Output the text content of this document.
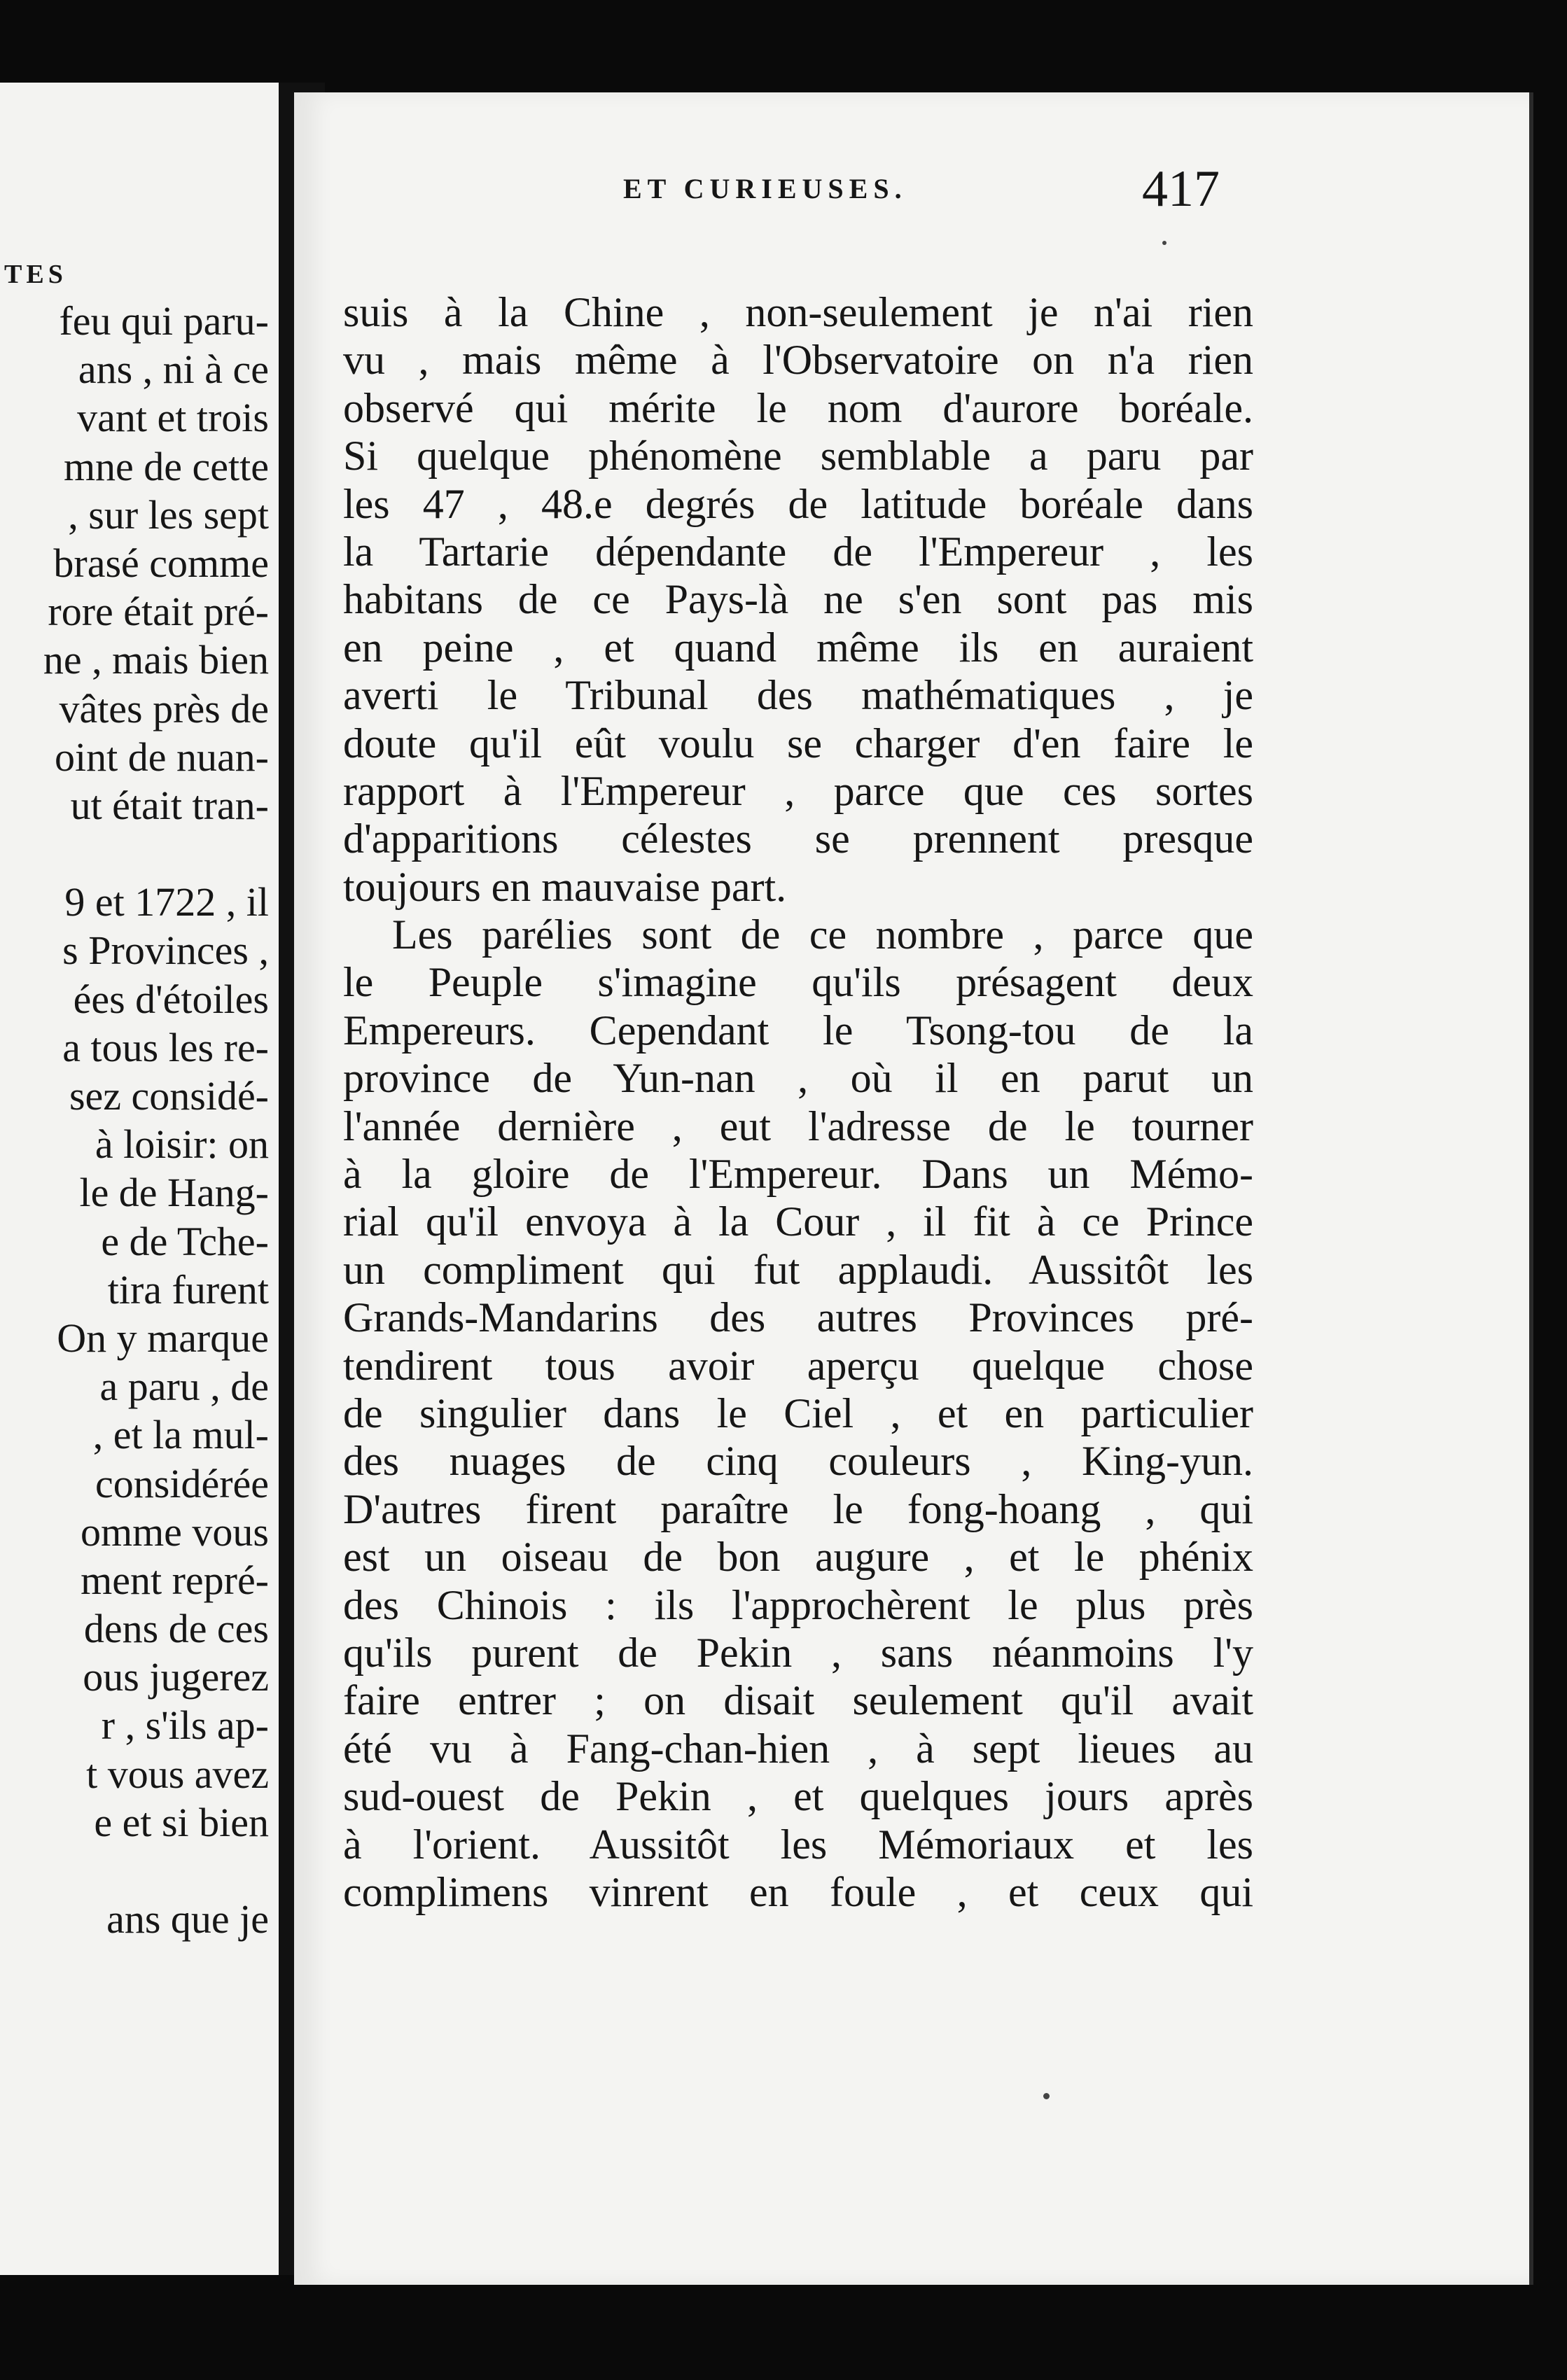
TES
feu qui paru-
ans , ni à ce
vant et trois
mne de cette
, sur les sept
brasé comme
rore était pré-
ne , mais bien
vâtes près de
oint de nuan-
ut était tran-
9 et 1722 , il
s Provinces ,
ées d'étoiles
a tous les re-
sez considé-
à loisir: on
le de Hang-
e de Tche-
tira furent
On y marque
a paru , de
, et la mul-
considérée
omme vous
ment repré-
dens de ces
ous jugerez
r , s'ils ap-
t vous avez
e et si bien
ans que je
ET CURIEUSES.	417
suis à la Chine , non-seulement je n'ai rien
vu , mais même à l'Observatoire on n'a rien
observé qui mérite le nom d'aurore boréale.
Si quelque phénomène semblable a paru par
les 47 , 48.e degrés de latitude boréale dans
la Tartarie dépendante de l'Empereur , les
habitans de ce Pays-là ne s'en sont pas mis
en peine , et quand même ils en auraient
averti le Tribunal des mathématiques , je
doute qu'il eût voulu se charger d'en faire le
rapport à l'Empereur , parce que ces sortes
d'apparitions célestes se prennent presque
toujours en mauvaise part.
Les parélies sont de ce nombre , parce que
le Peuple s'imagine qu'ils présagent deux
Empereurs. Cependant le Tsong-tou de la
province de Yun-nan , où il en parut un
l'année dernière , eut l'adresse de le tourner
à la gloire de l'Empereur. Dans un Mémo-
rial qu'il envoya à la Cour , il fit à ce Prince
un compliment qui fut applaudi. Aussitôt les
Grands-Mandarins des autres Provinces pré-
tendirent tous avoir aperçu quelque chose
de singulier dans le Ciel , et en particulier
des nuages de cinq couleurs , King-yun.
D'autres firent paraître le fong-hoang , qui
est un oiseau de bon augure , et le phénix
des Chinois : ils l'approchèrent le plus près
qu'ils purent de Pekin , sans néanmoins l'y
faire entrer ; on disait seulement qu'il avait
été vu à Fang-chan-hien , à sept lieues au
sud-ouest de Pekin , et quelques jours après
à l'orient. Aussitôt les Mémoriaux et les
complimens vinrent en foule , et ceux qui
